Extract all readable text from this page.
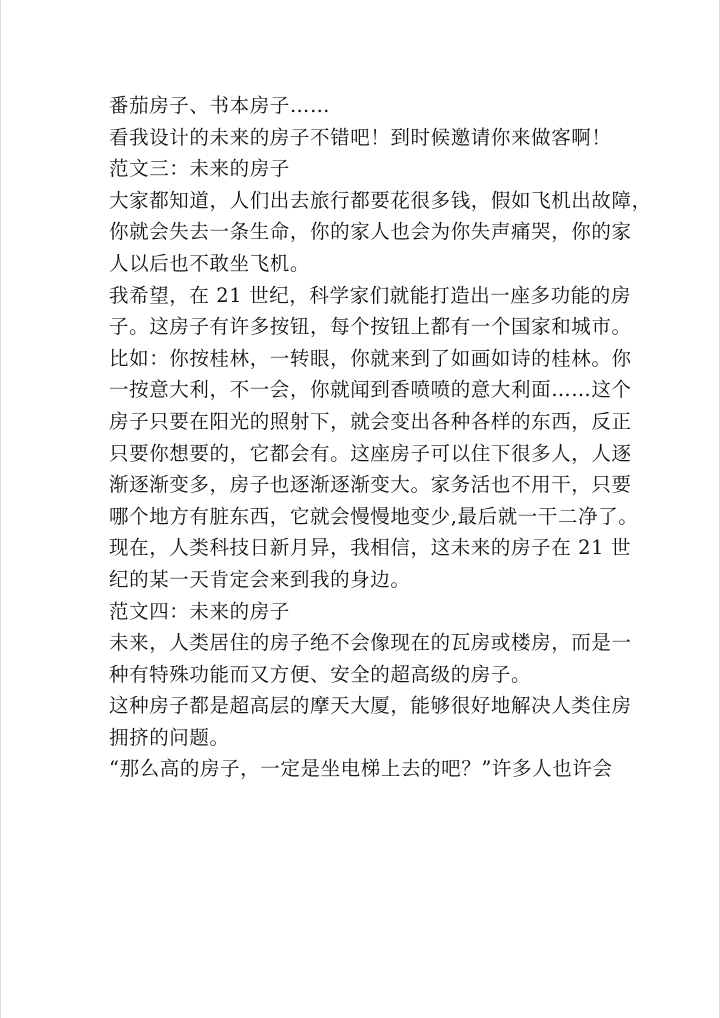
番茄房子、书本房子……
看我设计的未来的房子不错吧！到时候邀请你来做客啊！
范文三：未来的房子
大家都知道，人们出去旅行都要花很多钱，假如飞机出故障，
你就会失去一条生命，你的家人也会为你失声痛哭，你的家
人以后也不敢坐飞机。
我希望，在 21 世纪，科学家们就能打造出一座多功能的房
子。这房子有许多按钮，每个按钮上都有一个国家和城市。
比如：你按桂林，一转眼，你就来到了如画如诗的桂林。你
一按意大利，不一会，你就闻到香喷喷的意大利面……这个
房子只要在阳光的照射下，就会变出各种各样的东西，反正
只要你想要的，它都会有。这座房子可以住下很多人，人逐
渐逐渐变多，房子也逐渐逐渐变大。家务活也不用干，只要
哪个地方有脏东西，它就会慢慢地变少,最后就一干二净了。
现在，人类科技日新月异，我相信，这未来的房子在 21 世
纪的某一天肯定会来到我的身边。
范文四：未来的房子
未来，人类居住的房子绝不会像现在的瓦房或楼房，而是一
种有特殊功能而又方便、安全的超高级的房子。
这种房子都是超高层的摩天大厦，能够很好地解决人类住房
拥挤的问题。
“那么高的房子，一定是坐电梯上去的吧？”许多人也许会
